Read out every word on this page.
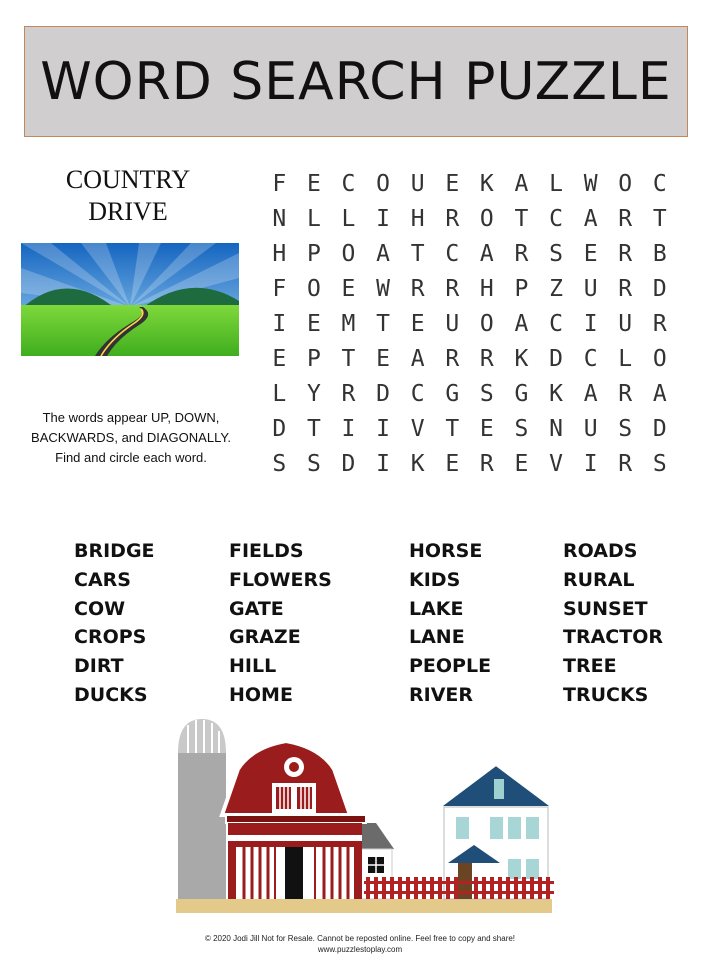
WORD SEARCH PUZZLE
COUNTRY
DRIVE
The words appear UP, DOWN,
BACKWARDS, and DIAGONALLY.
Find and circle each word.
F E C O U E K A L W O C
N L L I H R O T C A R T
H P O A T C A R S E R B
F O E W R R H P Z U R D
I E M T E U O A C I U R
E P T E A R R K D C L O
L Y R D C G S G K A R A
D T I I V T E S N U S D
S S D I K E R E V I R S
BRIDGE
CARS
COW
CROPS
DIRT
DUCKS
FIELDS
FLOWERS
GATE
GRAZE
HILL
HOME
HORSE
KIDS
LAKE
LANE
PEOPLE
RIVER
ROADS
RURAL
SUNSET
TRACTOR
TREE
TRUCKS
© 2020 Jodi Jill Not for Resale. Cannot be reposted online. Feel free to copy and share!
www.puzzlestoplay.com
